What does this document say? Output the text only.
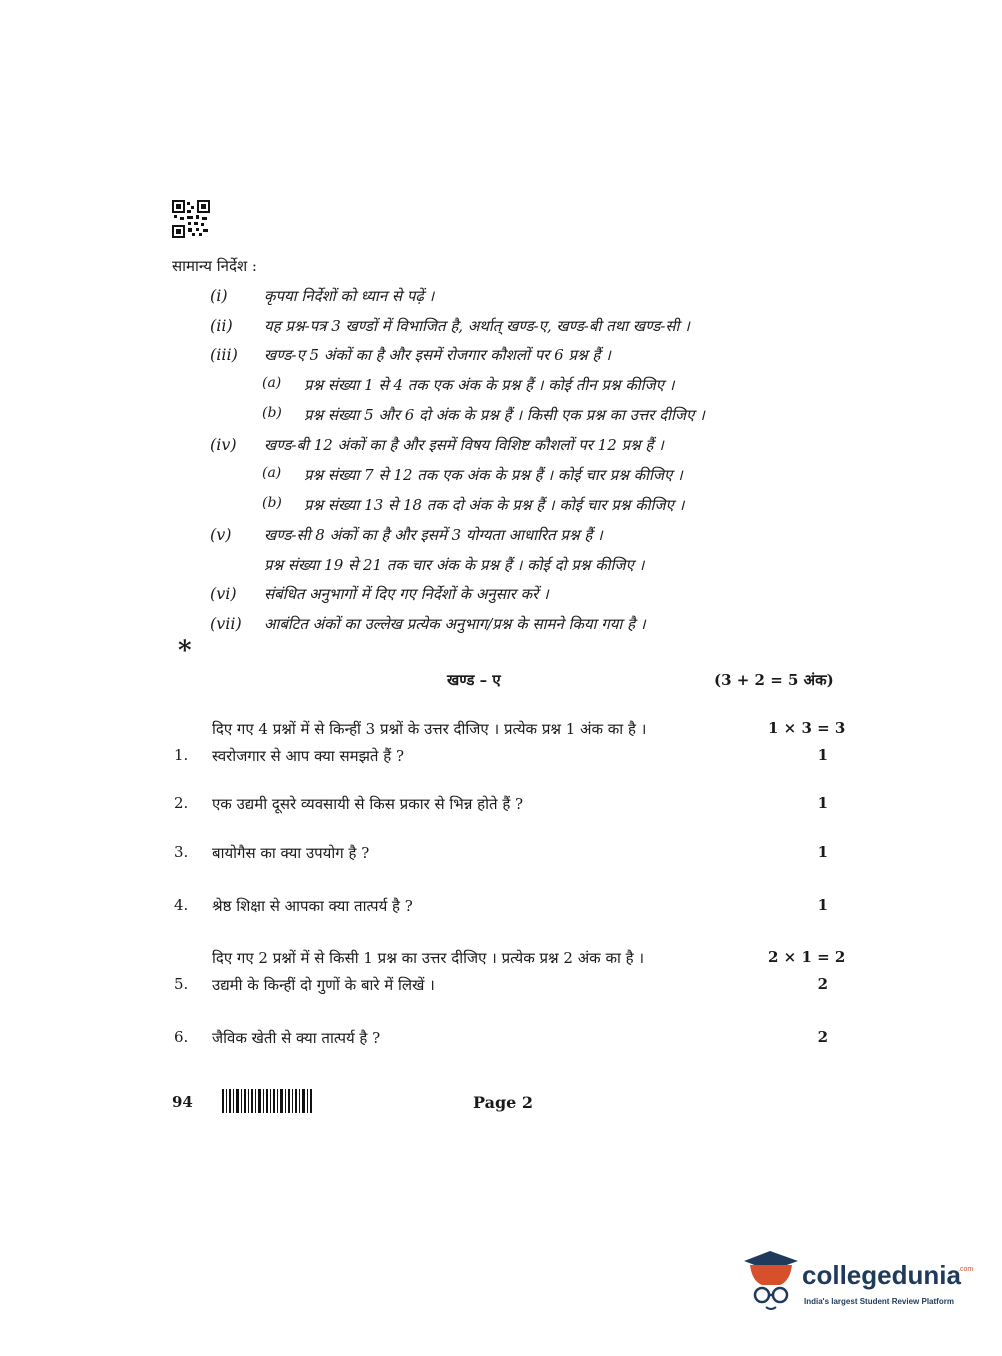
सामान्य निर्देश :
(i) कृपया निर्देशों को ध्यान से पढ़ें ।
(ii) यह प्रश्न-पत्र 3 खण्डों में विभाजित है, अर्थात् खण्ड-ए, खण्ड-बी तथा खण्ड-सी ।
(iii) खण्ड-ए 5 अंकों का है और इसमें रोजगार कौशलों पर 6 प्रश्न हैं ।
(a) प्रश्न संख्या 1 से 4 तक एक अंक के प्रश्न हैं । कोई तीन प्रश्न कीजिए ।
(b) प्रश्न संख्या 5 और 6 दो अंक के प्रश्न हैं । किसी एक प्रश्न का उत्तर दीजिए ।
(iv) खण्ड-बी 12 अंकों का है और इसमें विषय विशिष्ट कौशलों पर 12 प्रश्न हैं ।
(a) प्रश्न संख्या 7 से 12 तक एक अंक के प्रश्न हैं । कोई चार प्रश्न कीजिए ।
(b) प्रश्न संख्या 13 से 18 तक दो अंक के प्रश्न हैं । कोई चार प्रश्न कीजिए ।
(v) खण्ड-सी 8 अंकों का है और इसमें 3 योग्यता आधारित प्रश्न हैं ।
प्रश्न संख्या 19 से 21 तक चार अंक के प्रश्न हैं । कोई दो प्रश्न कीजिए ।
(vi) संबंधित अनुभागों में दिए गए निर्देशों के अनुसार करें ।
(vii) आबंटित अंकों का उल्लेख प्रत्येक अनुभाग/प्रश्न के सामने किया गया है ।
*
खण्ड – ए	(3 + 2 = 5 अंक)
दिए गए 4 प्रश्नों में से किन्हीं 3 प्रश्नों के उत्तर दीजिए । प्रत्येक प्रश्न 1 अंक का है ।	1 × 3 = 3
1. स्वरोजगार से आप क्या समझते हैं ?	1
2. एक उद्यमी दूसरे व्यवसायी से किस प्रकार से भिन्न होते हैं ?	1
3. बायोगैस का क्या उपयोग है ?	1
4. श्रेष्ठ शिक्षा से आपका क्या तात्पर्य है ?	1
दिए गए 2 प्रश्नों में से किसी 1 प्रश्न का उत्तर दीजिए । प्रत्येक प्रश्न 2 अंक का है ।	2 × 1 = 2
5. उद्यमी के किन्हीं दो गुणों के बारे में लिखें ।	2
6. जैविक खेती से क्या तात्पर्य है ?	2
94	Page 2
collegedunia
.com
India's largest Student Review Platform
